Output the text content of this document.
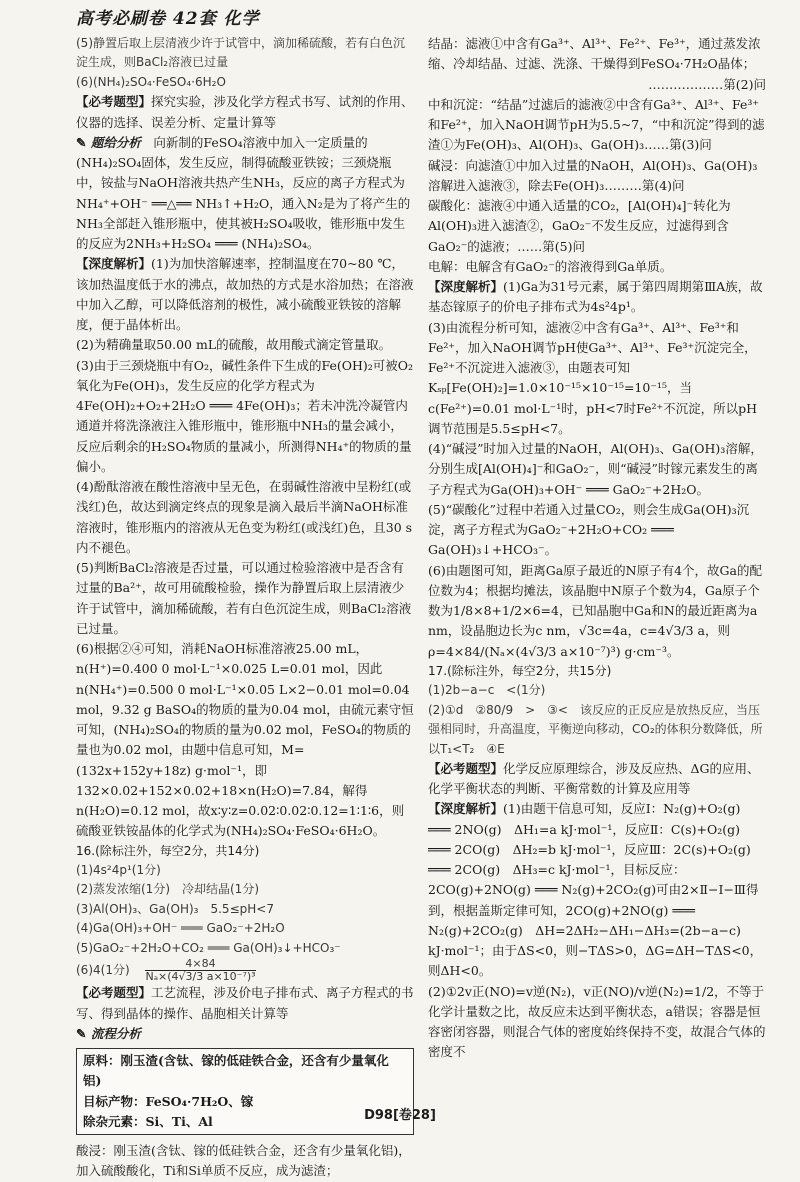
高考必刷卷 42套 化学

(5)静置后取上层清液少许于试管中，滴加稀硫酸，若有白色沉淀生成，则BaCl₂溶液已过量

(6)(NH₄)₂SO₄·FeSO₄·6H₂O

【必考题型】探究实验，涉及化学方程式书写、试剂的作用、仪器的选择、误差分析、定量计算等

✎ 题给分析　 向新制的FeSO₄溶液中加入一定质量的(NH₄)₂SO₄固体，发生反应，制得硫酸亚铁铵；三颈烧瓶中，铵盐与NaOH溶液共热产生NH₃，反应的离子方程式为

NH₄⁺+OH⁻ ══△══ NH₃↑+H₂O，通入N₂是为了将产生的NH₃全部赶入锥形瓶中，使其被H₂SO₄吸收，锥形瓶中发生的反应为2NH₃+H₂SO₄ ═══ (NH₄)₂SO₄。

【深度解析】(1)为加快溶解速率，控制温度在70~80 ℃，该加热温度低于水的沸点，故加热的方式是水浴加热；在溶液中加入乙醇，可以降低溶剂的极性，减小硫酸亚铁铵的溶解度，便于晶体析出。

(2)为精确量取50.00 mL的硫酸，故用酸式滴定管量取。

(3)由于三颈烧瓶中有O₂，碱性条件下生成的Fe(OH)₂可被O₂氧化为Fe(OH)₃，发生反应的化学方程式为4Fe(OH)₂+O₂+2H₂O ═══ 4Fe(OH)₃；若未冲洗冷凝管内通道并将洗涤液注入锥形瓶中，锥形瓶中NH₃的量会减小，反应后剩余的H₂SO₄物质的量减小，所测得NH₄⁺的物质的量偏小。

(4)酚酞溶液在酸性溶液中呈无色，在弱碱性溶液中呈粉红(或浅红)色，故达到滴定终点的现象是滴入最后半滴NaOH标准溶液时，锥形瓶内的溶液从无色变为粉红(或浅红)色，且30 s内不褪色。

(5)判断BaCl₂溶液是否过量，可以通过检验溶液中是否含有过量的Ba²⁺，故可用硫酸检验，操作为静置后取上层清液少许于试管中，滴加稀硫酸，若有白色沉淀生成，则BaCl₂溶液已过量。

(6)根据②④可知，消耗NaOH标准溶液25.00 mL，n(H⁺)=0.400 0 mol·L⁻¹×0.025 L=0.01 mol，因此n(NH₄⁺)=0.500 0 mol·L⁻¹×0.05 L×2−0.01 mol=0.04 mol，9.32 g BaSO₄的物质的量为0.04 mol，由硫元素守恒可知，(NH₄)₂SO₄的物质的量为0.02 mol，FeSO₄的物质的量也为0.02 mol，由题中信息可知，M=(132x+152y+18z) g·mol⁻¹，即132×0.02+152×0.02+18×n(H₂O)=7.84，解得n(H₂O)=0.12 mol，故x∶y∶z=0.02∶0.02∶0.12=1∶1∶6，则硫酸亚铁铵晶体的化学式为(NH₄)₂SO₄·FeSO₄·6H₂O。

16.(除标注外，每空2分，共14分)

(1)4s²4p¹(1分)

(2)蒸发浓缩(1分)　冷却结晶(1分)

(3)Al(OH)₃、Ga(OH)₃　5.5≤pH<7

(4)Ga(OH)₃+OH⁻ ═══ GaO₂⁻+2H₂O

(5)GaO₂⁻+2H₂O+CO₂ ═══ Ga(OH)₃↓+HCO₃⁻

(6)4(1分)　 $\frac{4\times 84}{\text{Nₐ×(4√3/3 a×10⁻⁷)³}}$

【必考题型】工艺流程，涉及价电子排布式、离子方程式的书写、得到晶体的操作、晶胞相关计算等

✎ 流程分析

原料：刚玉渣(含钛、镓的低硅铁合金，还含有少量氧化铝)

目标产物：FeSO₄·7H₂O、镓

除杂元素：Si、Ti、Al

酸浸：刚玉渣(含钛、镓的低硅铁合金，还含有少量氧化铝)，加入硫酸酸化，Ti和Si单质不反应，成为滤渣；

结晶：滤液①中含有Ga³⁺、Al³⁺、Fe²⁺、Fe³⁺，通过蒸发浓缩、冷却结晶、过滤、洗涤、干燥得到FeSO₄·7H₂O晶体；

………………第(2)问

中和沉淀：“结晶”过滤后的滤液②中含有Ga³⁺、Al³⁺、Fe³⁺和Fe²⁺，加入NaOH调节pH为5.5~7，“中和沉淀”得到的滤渣①为Fe(OH)₃、Al(OH)₃、Ga(OH)₃……第(3)问

碱浸：向滤渣①中加入过量的NaOH，Al(OH)₃、Ga(OH)₃溶解进入滤液③，除去Fe(OH)₃………第(4)问

碳酸化：滤液④中通入适量的CO₂，[Al(OH)₄]⁻转化为Al(OH)₃进入滤渣②，GaO₂⁻不发生反应，过滤得到含GaO₂⁻的滤液；……第(5)问

电解：电解含有GaO₂⁻的溶液得到Ga单质。

【深度解析】(1)Ga为31号元素，属于第四周期第ⅢA族，故基态镓原子的价电子排布式为4s²4p¹。

(3)由流程分析可知，滤液②中含有Ga³⁺、Al³⁺、Fe³⁺和Fe²⁺，加入NaOH调节pH使Ga³⁺、Al³⁺、Fe³⁺沉淀完全，Fe²⁺不沉淀进入滤液③，由题表可知Kₛₚ[Fe(OH)₂]=1.0×10⁻¹⁵×10⁻¹⁵=10⁻¹⁵，当c(Fe²⁺)=0.01 mol·L⁻¹时，pH<7时Fe²⁺不沉淀，所以pH调节范围是5.5≤pH<7。

(4)“碱浸”时加入过量的NaOH，Al(OH)₃、Ga(OH)₃溶解，分别生成[Al(OH)₄]⁻和GaO₂⁻，则“碱浸”时镓元素发生的离子方程式为Ga(OH)₃+OH⁻ ═══ GaO₂⁻+2H₂O。

(5)“碳酸化”过程中若通入过量CO₂，则会生成Ga(OH)₃沉淀，离子方程式为GaO₂⁻+2H₂O+CO₂ ═══ Ga(OH)₃↓+HCO₃⁻。

(6)由题图可知，距离Ga原子最近的N原子有4个，故Ga的配位数为4；根据均摊法，该晶胞中N原子个数为4，Ga原子个数为1/8×8+1/2×6=4，已知晶胞中Ga和N的最近距离为a nm，设晶胞边长为c nm，√3c=4a，c=4√3/3 a，则ρ=4×84/(Nₐ×(4√3/3 a×10⁻⁷)³) g·cm⁻³。

17.(除标注外，每空2分，共15分)

(1)2b−a−c　<(1分)

(2)①d　②80/9　>　③<　该反应的正反应是放热反应，当压强相同时，升高温度，平衡逆向移动，CO₂的体积分数降低，所以T₁<T₂　④E

【必考题型】化学反应原理综合，涉及反应热、ΔG的应用、化学平衡状态的判断、平衡常数的计算及应用等

【深度解析】(1)由题干信息可知，反应Ⅰ：N₂(g)+O₂(g) ═══ 2NO(g)　ΔH₁=a kJ·mol⁻¹，反应Ⅱ：C(s)+O₂(g) ═══ 2CO(g)　ΔH₂=b kJ·mol⁻¹，反应Ⅲ：2C(s)+O₂(g) ═══ 2CO(g)　ΔH₃=c kJ·mol⁻¹，目标反应：2CO(g)+2NO(g) ═══ N₂(g)+2CO₂(g)可由2×Ⅱ−Ⅰ−Ⅲ得到，根据盖斯定律可知，2CO(g)+2NO(g) ═══ N₂(g)+2CO₂(g)　ΔH=2ΔH₂−ΔH₁−ΔH₃=(2b−a−c) kJ·mol⁻¹；由于ΔS<0，则−TΔS>0，ΔG=ΔH−TΔS<0，则ΔH<0。

(2)①2v正(NO)=v逆(N₂)，v正(NO)/v逆(N₂)=1/2，不等于化学计量数之比，故反应未达到平衡状态，a错误；容器是恒容密闭容器，则混合气体的密度始终保持不变，故混合气体的密度不

D98[卷28]
